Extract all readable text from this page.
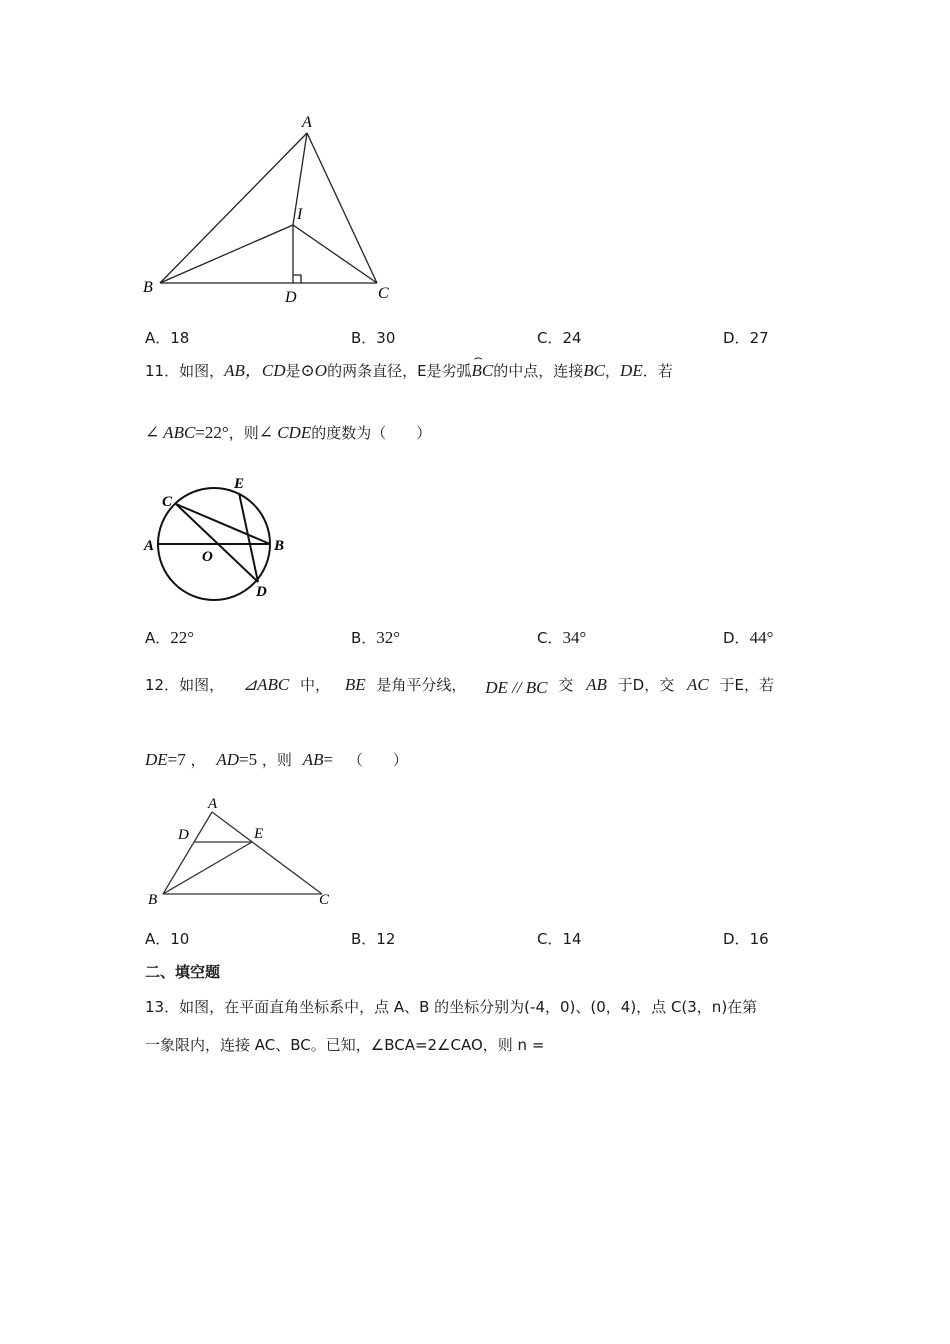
A
B	C
D
I
A．18	B．30	C．24	D．27
11．如图，AB，CD是⊙O的两条直径，E是劣弧⌢ BC的中点，连接BC，DE．若
∠ ABC=22°，则∠ CDE的度数为（　　）
A	B
C
D
E
O
A．22°	B．32°	C．34°	D．44°
12．如图， ⊿ABC 中， BE 是角平分线， DE // BC 交 AB 于D，交 AC 于E，若
DE=7 ， AD=5 ，则 AB= （　　）
A
B	C
D	E
A．10	B．12	C．14	D．16
二、填空题
13．如图，在平面直角坐标系中，点 A、B 的坐标分别为(-4，0)、(0，4)，点 C(3，n)在第
一象限内，连接 AC、BC。已知，∠BCA=2∠CAO，则 n =
